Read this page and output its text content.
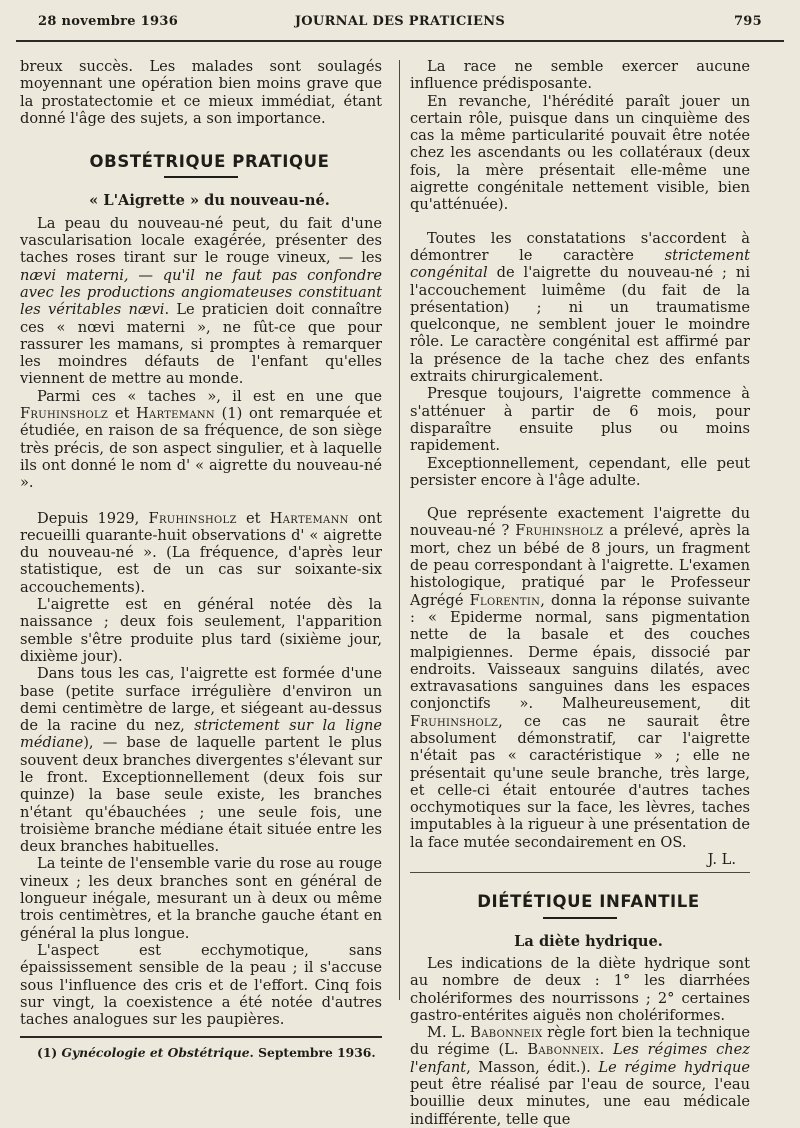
28 novembre 1936	JOURNAL DES PRATICIENS	795

breux succès. Les malades sont soulagés moyennant une opération bien moins grave que la prostatectomie et ce mieux immédiat, étant donné l'âge des sujets, a son importance.

OBSTÉTRIQUE PRATIQUE

« L'Aigrette » du nouveau-né.

La peau du nouveau-né peut, du fait d'une vascularisation locale exagérée, présenter des taches roses tirant sur le rouge vineux, — les nævi materni, — qu'il ne faut pas confondre avec les productions angiomateuses constituant les véritables nævi. Le praticien doit connaître ces « nœvi materni », ne fût-ce que pour rassurer les mamans, si promptes à remarquer les moindres défauts de l'enfant qu'elles viennent de mettre au monde.

Parmi ces « taches », il est en une que Fruhinsholz et Hartemann (1) ont remarquée et étudiée, en raison de sa fréquence, de son siège très précis, de son aspect singulier, et à laquelle ils ont donné le nom d' « aigrette du nouveau-né ».

Depuis 1929, Fruhinsholz et Hartemann ont recueilli quarante-huit observations d' « aigrette du nouveau-né ». (La fréquence, d'après leur statistique, est de un cas sur soixante-six accouchements).

L'aigrette est en général notée dès la naissance ; deux fois seulement, l'apparition semble s'être produite plus tard (sixième jour, dixième jour).

Dans tous les cas, l'aigrette est formée d'une base (petite surface irrégulière d'environ un demi centimètre de large, et siégeant au-dessus de la racine du nez, strictement sur la ligne médiane), — base de laquelle partent le plus souvent deux branches divergentes s'élevant sur le front. Exceptionnellement (deux fois sur quinze) la base seule existe, les branches n'étant qu'ébauchées ; une seule fois, une troisième branche médiane était située entre les deux branches habituelles.

La teinte de l'ensemble varie du rose au rouge vineux ; les deux branches sont en général de longueur inégale, mesurant un à deux ou même trois centimètres, et la branche gauche étant en général la plus longue.

L'aspect est ecchymotique, sans épaississement sensible de la peau ; il s'accuse sous l'influence des cris et de l'effort. Cinq fois sur vingt, la coexistence a été notée d'autres taches analogues sur les paupières.

(1) Gynécologie et Obstétrique. Septembre 1936.

La race ne semble exercer aucune influence prédisposante.

En revanche, l'hérédité paraît jouer un certain rôle, puisque dans un cinquième des cas la même particularité pouvait être notée chez les ascendants ou les collatéraux (deux fois, la mère présentait elle-même une aigrette congénitale nettement visible, bien qu'atténuée).

Toutes les constatations s'accordent à démontrer le caractère strictement congénital de l'aigrette du nouveau-né ; ni l'accouchement luimême (du fait de la présentation) ; ni un traumatisme quelconque, ne semblent jouer le moindre rôle. Le caractère congénital est affirmé par la présence de la tache chez des enfants extraits chirurgicalement.

Presque toujours, l'aigrette commence à s'atténuer à partir de 6 mois, pour disparaître ensuite plus ou moins rapidement.

Exceptionnellement, cependant, elle peut persister encore à l'âge adulte.

Que représente exactement l'aigrette du nouveau-né ? Fruhinsholz a prélevé, après la mort, chez un bébé de 8 jours, un fragment de peau correspondant à l'aigrette. L'examen histologique, pratiqué par le Professeur Agrégé Florentin, donna la réponse suivante : « Epiderme normal, sans pigmentation nette de la basale et des couches malpigiennes. Derme épais, dissocié par endroits. Vaisseaux sanguins dilatés, avec extravasations sanguines dans les espaces conjonctifs ». Malheureusement, dit Fruhinsholz, ce cas ne saurait être absolument démonstratif, car l'aigrette n'était pas « caractéristique » ; elle ne présentait qu'une seule branche, très large, et celle-ci était entourée d'autres taches occhymotiques sur la face, les lèvres, taches imputables à la rigueur à une présentation de la face mutée secondairement en OS.

J. L.

DIÉTÉTIQUE INFANTILE

La diète hydrique.

Les indications de la diète hydrique sont au nombre de deux : 1° les diarrhées cholériformes des nourrissons ; 2° certaines gastro-entérites aiguës non cholériformes.

M. L. Babonneix règle fort bien la technique du régime (L. Babonneix. Les régimes chez l'enfant, Masson, édit.). Le régime hydrique peut être réalisé par l'eau de source, l'eau bouillie deux minutes, une eau médicale indifférente, telle que
